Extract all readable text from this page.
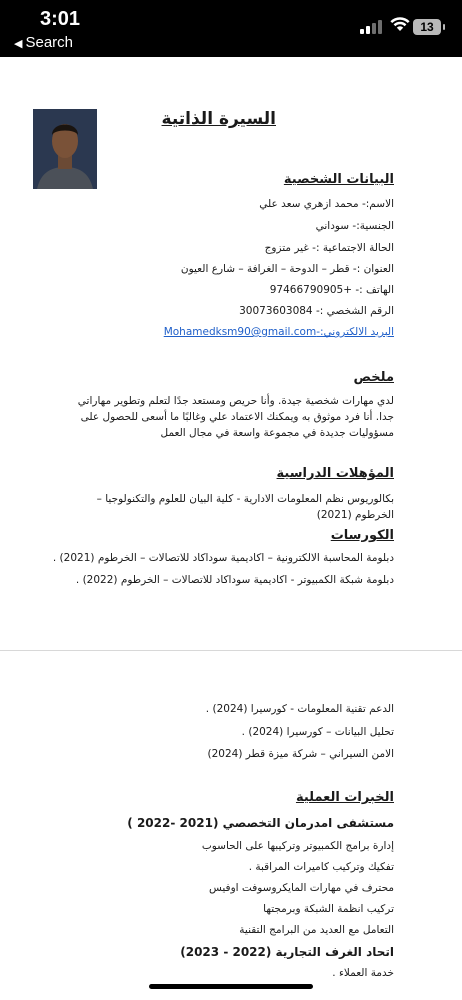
3:01
◀ Search
13
السيرة الذاتية
البيانات الشخصية
الاسم:- محمد ازهري سعد علي
الجنسية:- سوداني
الحالة الاجتماعية :- غير متزوج
العنوان :- قطر – الدوحة – الغرافة – شارع العيون
الهاتف :- +97466790905
الرقم الشخصي :- 30073603084
البريد الالكتروني:-Mohamedksm90@gmail.com
ملخص
لدي مهارات شخصية جيدة. وأنا حريص ومستعد جدًا لتعلم وتطوير مهاراتي جدا. أنا فرد موثوق به ويمكنك الاعتماد علي وغالبًا ما أسعى للحصول على مسؤوليات جديدة في مجموعة واسعة في مجال العمل
المؤهلات الدراسية
بكالوريوس نظم المعلومات الادارية - كلية البيان للعلوم والتكنولوجيا – الخرطوم (2021)
الكورسات
دبلومة المحاسبة الالكترونية – اكاديمية سوداكاد للاتصالات – الخرطوم (2021) .
دبلومة شبكة الكمبيوتر - اكاديمية سوداكاد للاتصالات – الخرطوم (2022) .
الدعم تقنية المعلومات - كورسيرا (2024) .
تحليل البيانات – كورسيرا (2024) .
الامن السيراني – شركة ميزة قطر (2024)
الخبرات العملية
مستشفى امدرمان التخصصي (2021 -2022 )
إدارة برامج الكمبيوتر وتركيبها على الحاسوب
تفكيك وتركيب كاميرات المراقبة .
محترف في مهارات المايكروسوفت اوفيس
تركيب انظمة الشبكة وبرمجتها
التعامل مع العديد من البرامج التقنية
اتحاد الغرف التجارية (2022 - 2023)
خدمة العملاء .
